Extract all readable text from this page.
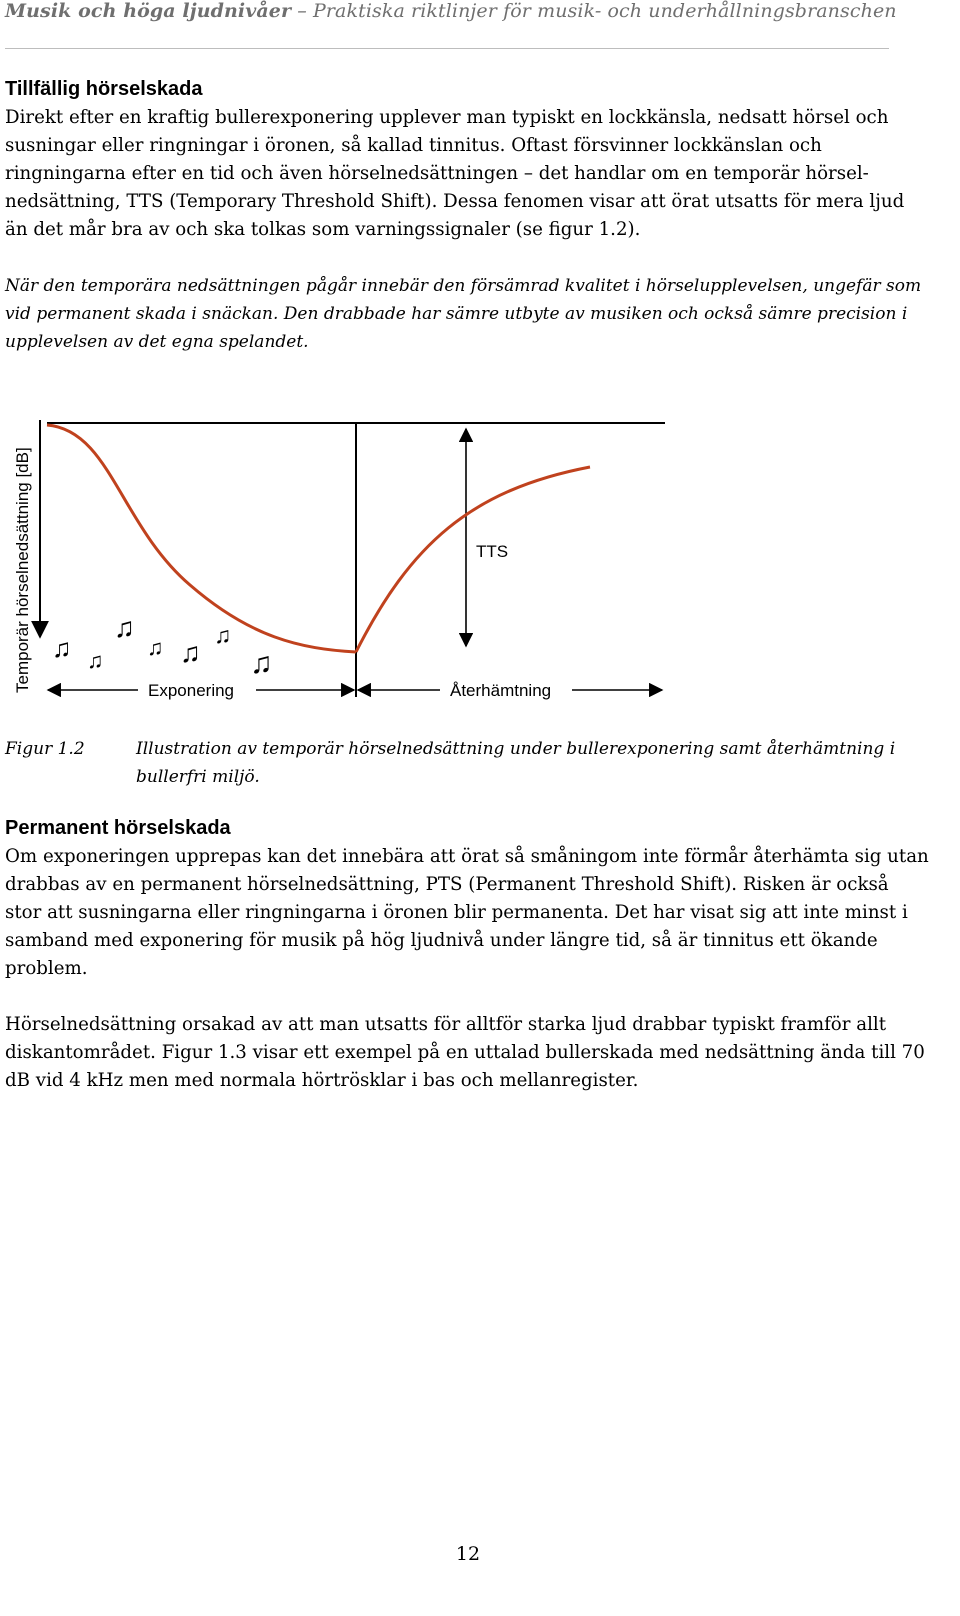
Musik och höga ljudnivåer – Praktiska riktlinjer för musik- och underhållningsbranschen
Tillfällig hörselskada

Direkt efter en kraftig bullerexponering upplever man typiskt en lockkänsla, nedsatt hörsel och susningar eller ringningar i öronen, så kallad tinnitus. Oftast försvinner lockkänslan och ringningarna efter en tid och även hörselnedsättningen – det handlar om en temporär hörsel-nedsättning, TTS (Temporary Threshold Shift). Dessa fenomen visar att örat utsatts för mera ljud än det mår bra av och ska tolkas som varningssignaler (se figur 1.2).

När den temporära nedsättningen pågår innebär den försämrad kvalitet i hörselupplevelsen, ungefär som vid permanent skada i snäckan. Den drabbade har sämre utbyte av musiken och också sämre precision i upplevelsen av det egna spelandet.

Temporär hörselnedsättning [dB]	TTS
♫ ♫
♫
♫ ♫
♫
♫
Exponering	Återhämtning
Figur 1.2	Illustration av temporär hörselnedsättning under bullerexponering samt återhämtning i bullerfri miljö.

Permanent hörselskada

Om exponeringen upprepas kan det innebära att örat så småningom inte förmår återhämta sig utan drabbas av en permanent hörselnedsättning, PTS (Permanent Threshold Shift). Risken är också stor att susningarna eller ringningarna i öronen blir permanenta. Det har visat sig att inte minst i samband med exponering för musik på hög ljudnivå under längre tid, så är tinnitus ett ökande problem.

Hörselnedsättning orsakad av att man utsatts för alltför starka ljud drabbar typiskt framför allt diskantområdet. Figur 1.3 visar ett exempel på en uttalad bullerskada med nedsättning ända till 70 dB vid 4 kHz men med normala hörtrösklar i bas och mellanregister.

12
